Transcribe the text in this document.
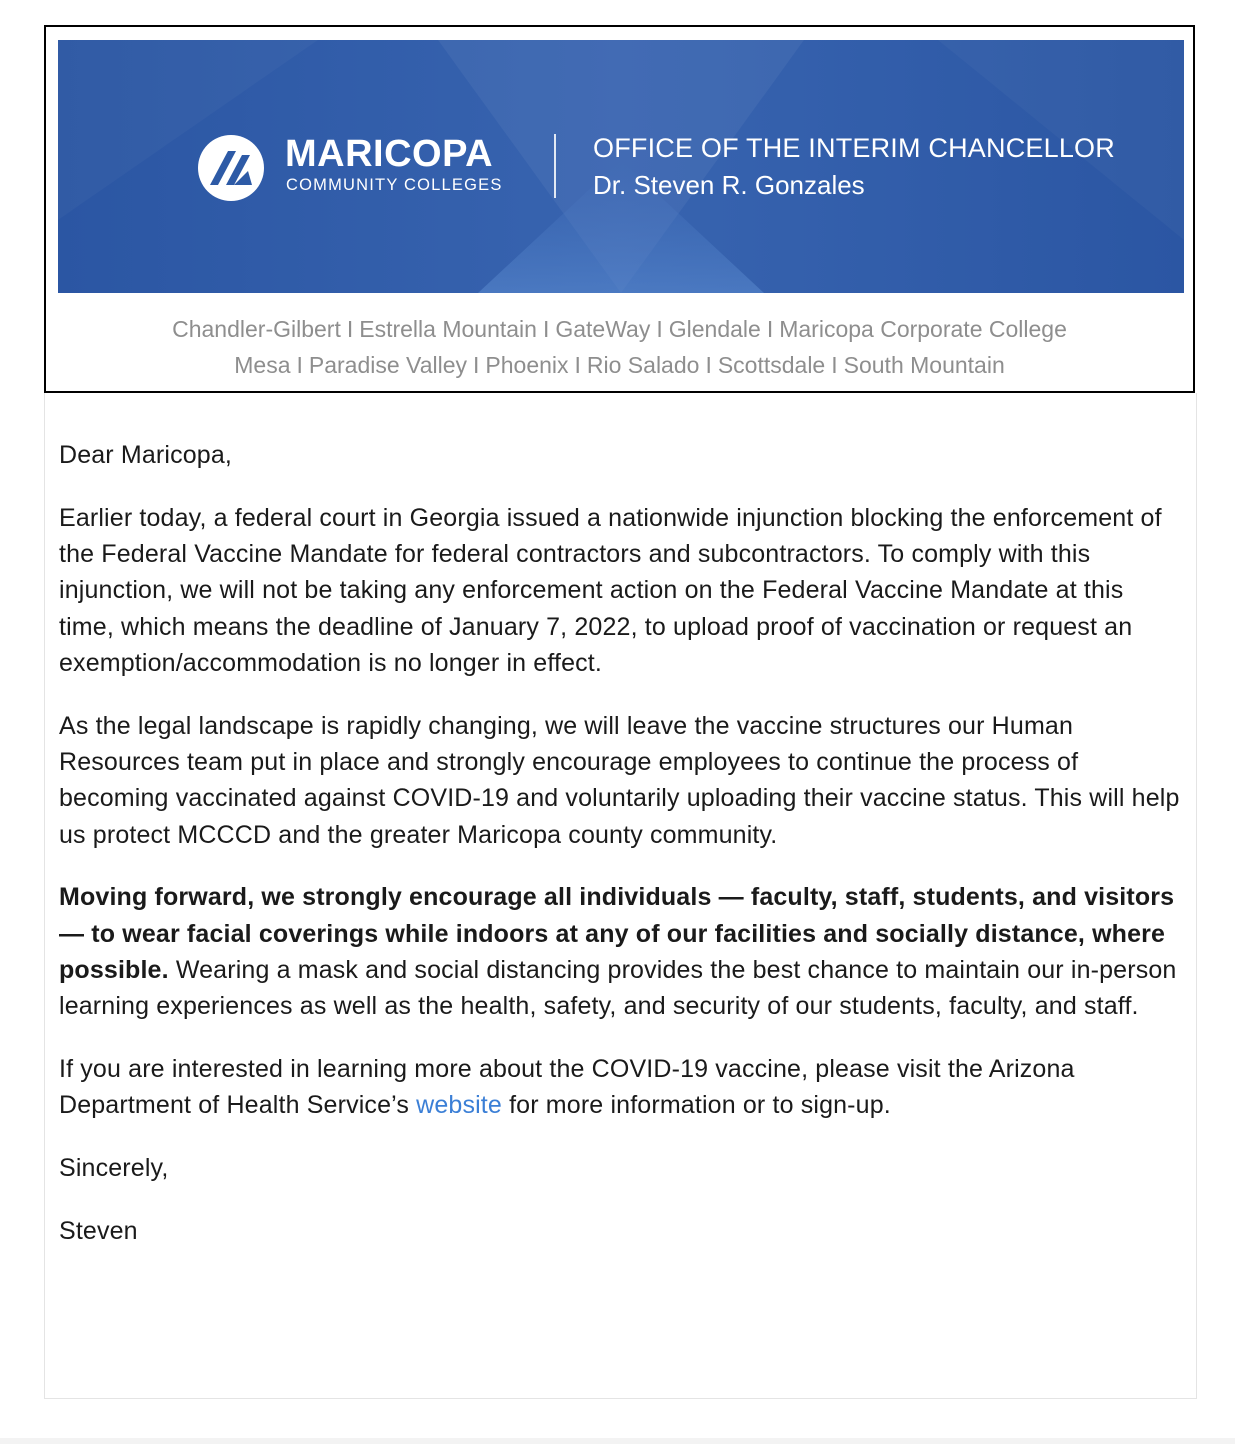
MARICOPA
COMMUNITY COLLEGES
OFFICE OF THE INTERIM CHANCELLOR
Dr. Steven R. Gonzales
Chandler-Gilbert I Estrella Mountain I GateWay I Glendale I Maricopa Corporate College
Mesa I Paradise Valley I Phoenix I Rio Salado I Scottsdale I South Mountain

Dear Maricopa,

Earlier today, a federal court in Georgia issued a nationwide injunction blocking the enforcement of the Federal Vaccine Mandate for federal contractors and subcontractors. To comply with this injunction, we will not be taking any enforcement action on the Federal Vaccine Mandate at this time, which means the deadline of January 7, 2022, to upload proof of vaccination or request an exemption/accommodation is no longer in effect.

As the legal landscape is rapidly changing, we will leave the vaccine structures our Human Resources team put in place and strongly encourage employees to continue the process of becoming vaccinated against COVID-19 and voluntarily uploading their vaccine status. This will help us protect MCCCD and the greater Maricopa county community.

Moving forward, we strongly encourage all individuals — faculty, staff, students, and visitors — to wear facial coverings while indoors at any of our facilities and socially distance, where possible. Wearing a mask and social distancing provides the best chance to maintain our in-person learning experiences as well as the health, safety, and security of our students, faculty, and staff.

If you are interested in learning more about the COVID-19 vaccine, please visit the Arizona Department of Health Service’s website for more information or to sign-up.

Sincerely,

Steven
